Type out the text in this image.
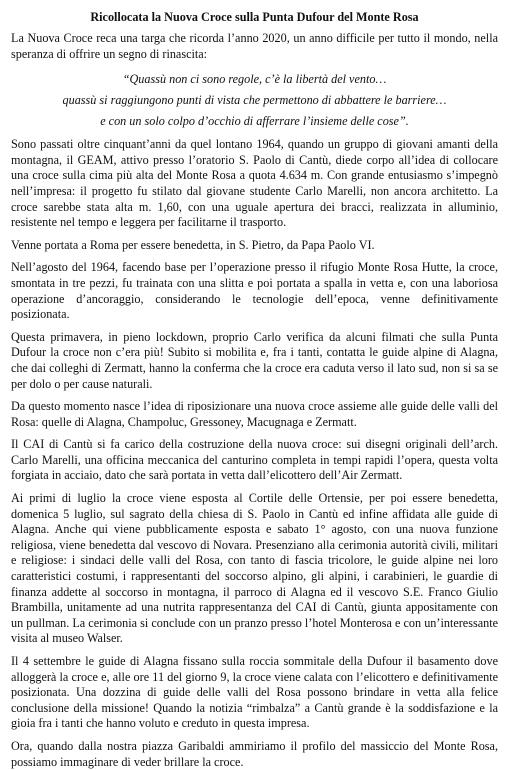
Ricollocata la Nuova Croce sulla Punta Dufour del Monte Rosa

La Nuova Croce reca una targa che ricorda l’anno 2020, un anno difficile per tutto il mondo, nella speranza di offrire un segno di rinascita:

“Quassù non ci sono regole, c’è la libertà del vento…
quassù si raggiungono punti di vista che permettono di abbattere le barriere…
e con un solo colpo d’occhio di afferrare l’insieme delle cose”.

Sono passati oltre cinquant’anni da quel lontano 1964, quando un gruppo di giovani amanti della montagna, il GEAM, attivo presso l’oratorio S. Paolo di Cantù, diede corpo all’idea di collocare una croce sulla cima più alta del Monte Rosa a quota 4.634 m. Con grande entusiasmo s’impegnò nell’impresa: il progetto fu stilato dal giovane studente Carlo Marelli, non ancora architetto. La croce sarebbe stata alta m. 1,60, con una uguale apertura dei bracci, realizzata in alluminio, resistente nel tempo e leggera per facilitarne il trasporto.

Venne portata a Roma per essere benedetta, in S. Pietro, da Papa Paolo VI.

Nell’agosto del 1964, facendo base per l’operazione presso il rifugio Monte Rosa Hutte, la croce, smontata in tre pezzi, fu trainata con una slitta e poi portata a spalla in vetta e, con una laboriosa operazione d’ancoraggio, considerando le tecnologie dell’epoca, venne definitivamente posizionata.

Questa primavera, in pieno lockdown, proprio Carlo verifica da alcuni filmati che sulla Punta Dufour la croce non c’era più! Subito si mobilita e, fra i tanti, contatta le guide alpine di Alagna, che dai colleghi di Zermatt, hanno la conferma che la croce era caduta verso il lato sud, non si sa se per dolo o per cause naturali.

Da questo momento nasce l’idea di riposizionare una nuova croce assieme alle guide delle valli del Rosa: quelle di Alagna, Champoluc, Gressoney, Macugnaga e Zermatt.

Il CAI di Cantù si fa carico della costruzione della nuova croce: sui disegni originali dell’arch. Carlo Marelli, una officina meccanica del canturino completa in tempi rapidi l’opera, questa volta forgiata in acciaio, dato che sarà portata in vetta dall’elicottero dell’Air Zermatt.

Ai primi di luglio la croce viene esposta al Cortile delle Ortensie, per poi essere benedetta, domenica 5 luglio, sul sagrato della chiesa di S. Paolo in Cantù ed infine affidata alle guide di Alagna. Anche qui viene pubblicamente esposta e sabato 1° agosto, con una nuova funzione religiosa, viene benedetta dal vescovo di Novara. Presenziano alla cerimonia autorità civili, militari e religiose: i sindaci delle valli del Rosa, con tanto di fascia tricolore, le guide alpine nei loro caratteristici costumi, i rappresentanti del soccorso alpino, gli alpini, i carabinieri, le guardie di finanza addette al soccorso in montagna, il parroco di Alagna ed il vescovo S.E. Franco Giulio Brambilla, unitamente ad una nutrita rappresentanza del CAI di Cantù, giunta appositamente con un pullman. La cerimonia si conclude con un pranzo presso l’hotel Monterosa e con un’interessante visita al museo Walser.

Il 4 settembre le guide di Alagna fissano sulla roccia sommitale della Dufour il basamento dove alloggerà la croce e, alle ore 11 del giorno 9, la croce viene calata con l’elicottero e definitivamente posizionata. Una dozzina di guide delle valli del Rosa possono brindare in vetta alla felice conclusione della missione! Quando la notizia “rimbalza” a Cantù grande è la soddisfazione e la gioia fra i tanti che hanno voluto e creduto in questa impresa.

Ora, quando dalla nostra piazza Garibaldi ammiriamo il profilo del massiccio del Monte Rosa, possiamo immaginare di veder brillare la croce.
